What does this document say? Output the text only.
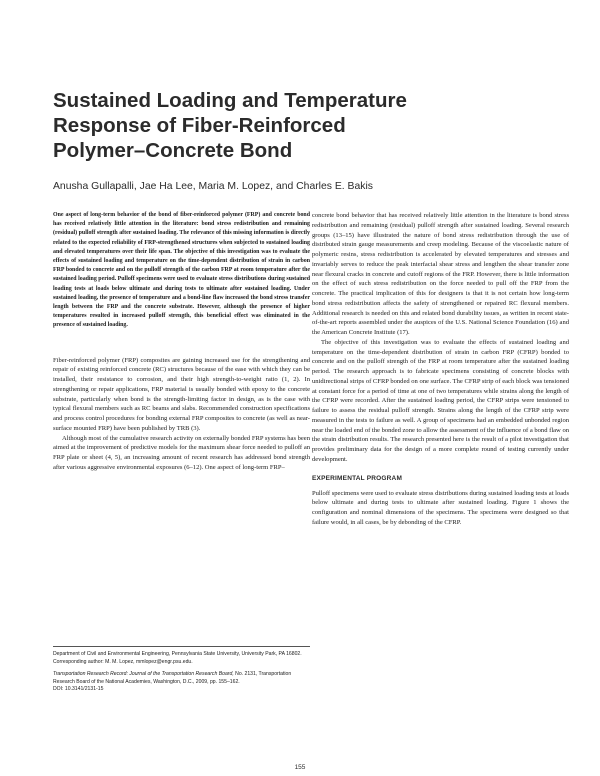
Sustained Loading and Temperature
Response of Fiber-Reinforced
Polymer–Concrete Bond

Anusha Gullapalli, Jae Ha Lee, Maria M. Lopez, and Charles E. Bakis

One aspect of long-term behavior of the bond of fiber-reinforced polymer (FRP) and concrete bond has received relatively little attention in the literature: bond stress redistribution and remaining (residual) pulloff strength after sustained loading. The relevance of this missing information is directly related to the expected reliability of FRP-strengthened structures when subjected to sustained loading and elevated temperatures over their life span. The objective of this investigation was to evaluate the effects of sustained loading and temperature on the time-dependent distribution of strain in carbon FRP bonded to concrete and on the pulloff strength of the carbon FRP at room temperature after the sustained loading period. Pulloff specimens were used to evaluate stress distributions during sustained loading tests at loads below ultimate and during tests to ultimate after sustained loading. Under sustained loading, the presence of temperature and a bond-line flaw increased the bond stress transfer length between the FRP and the concrete substrate. However, although the presence of higher temperatures resulted in increased pulloff strength, this beneficial effect was eliminated in the presence of sustained loading.

Fiber-reinforced polymer (FRP) composites are gaining increased use for the strengthening and repair of existing reinforced concrete (RC) structures because of the ease with which they can be installed, their resistance to corrosion, and their high strength-to-weight ratio (1, 2). In strengthening or repair applications, FRP material is usually bonded with epoxy to the concrete substrate, particularly when bond is the strength-limiting factor in design, as is the case with typical flexural members such as RC beams and slabs. Recommended construction specifications and process control procedures for bonding external FRP composites to concrete (as well as near-surface mounted FRP) have been published by TRB (3).

Although most of the cumulative research activity on externally bonded FRP systems has been aimed at the improvement of predictive models for the maximum shear force needed to pulloff an FRP plate or sheet (4, 5), an increasing amount of recent research has addressed bond strength after various aggressive environmental exposures (6–12). One aspect of long-term FRP–

concrete bond behavior that has received relatively little attention in the literature is bond stress redistribution and remaining (residual) pulloff strength after sustained loading. Several research groups (13–15) have illustrated the nature of bond stress redistribution through the use of distributed strain gauge measurements and creep modeling. Because of the viscoelastic nature of polymeric resins, stress redistribution is accelerated by elevated temperatures and stresses and invariably serves to reduce the peak interfacial shear stress and lengthen the shear transfer zone near flexural cracks in concrete and cutoff regions of the FRP. However, there is little information on the effect of such stress redistribution on the force needed to pull off the FRP from the concrete. The practical implication of this for designers is that it is not certain how long-term bond stress redistribution affects the safety of strengthened or repaired RC flexural members. Additional research is needed on this and related bond durability issues, as written in recent state-of-the-art reports assembled under the auspices of the U.S. National Science Foundation (16) and the American Concrete Institute (17).

The objective of this investigation was to evaluate the effects of sustained loading and temperature on the time-dependent distribution of strain in carbon FRP (CFRP) bonded to concrete and on the pulloff strength of the FRP at room temperature after the sustained loading period. The research approach is to fabricate specimens consisting of concrete blocks with unidirectional strips of CFRP bonded on one surface. The CFRP strip of each block was tensioned at constant force for a period of time at one of two temperatures while strains along the length of the CFRP were recorded. After the sustained loading period, the CFRP strips were tensioned to failure to assess the residual pulloff strength. Strains along the length of the CFRP strip were measured in the tests to failure as well. A group of specimens had an embedded unbonded region near the loaded end of the bonded zone to allow the assessment of the influence of a bond flaw on the strain distribution results. The research presented here is the result of a pilot investigation that provides preliminary data for the design of a more complete round of testing currently under development.

EXPERIMENTAL PROGRAM

Pulloff specimens were used to evaluate stress distributions during sustained loading tests at loads below ultimate and during tests to ultimate after sustained loading. Figure 1 shows the configuration and nominal dimensions of the specimens. The specimens were designed so that failure would, in all cases, be by debonding of the CFRP.

Department of Civil and Environmental Engineering, Pennsylvania State University, University Park, PA 16802. Corresponding author: M. M. Lopez, mmlopez@engr.psu.edu.

Transportation Research Record: Journal of the Transportation Research Board, No. 2131, Transportation Research Board of the National Academies, Washington, D.C., 2009, pp. 155–162.
DOI: 10.3141/2131-15

155
